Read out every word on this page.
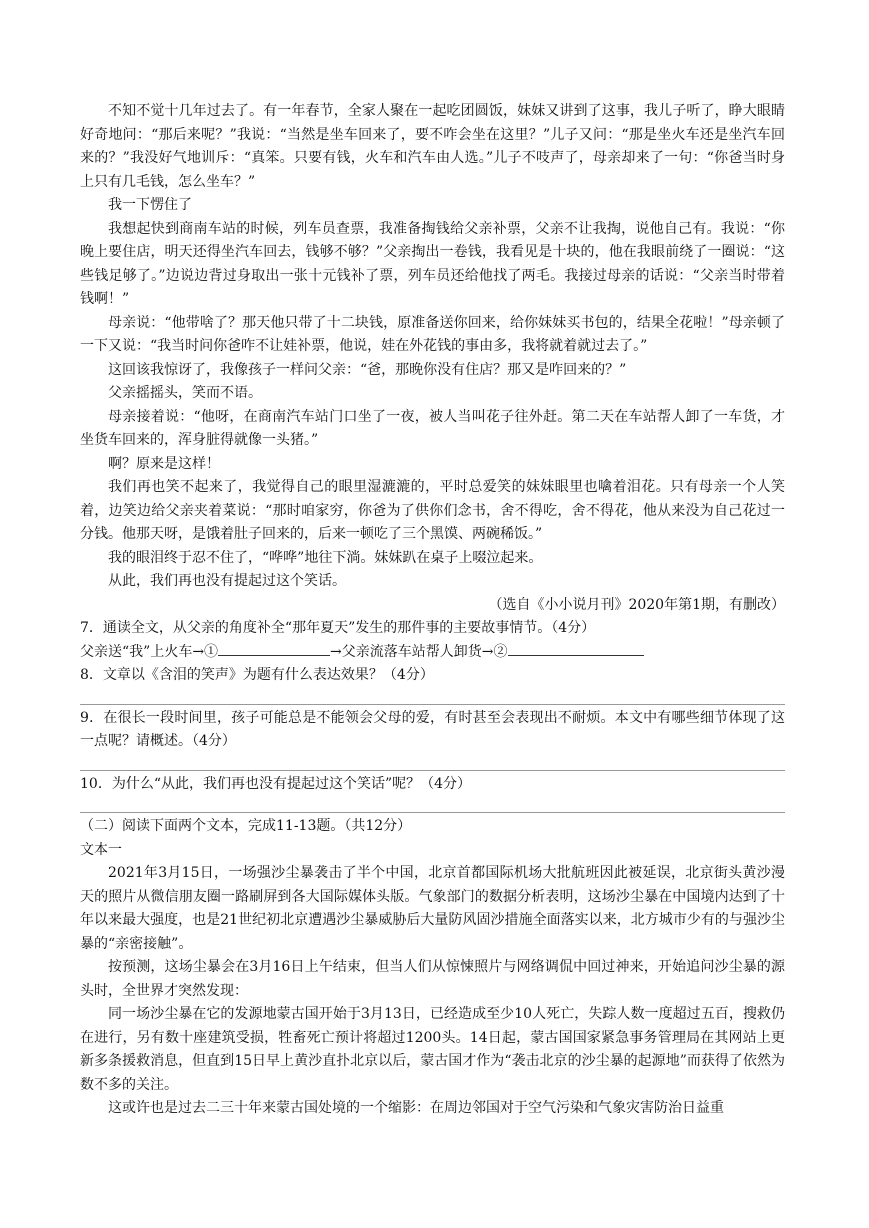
不知不觉十几年过去了。有一年春节，全家人聚在一起吃团圆饭，妹妹又讲到了这事，我儿子听了，睁大眼睛好奇地问：“那后来呢？”我说：“当然是坐车回来了，要不咋会坐在这里？”儿子又问：“那是坐火车还是坐汽车回来的？”我没好气地训斥：“真笨。只要有钱，火车和汽车由人选。”儿子不吱声了，母亲却来了一句：“你爸当时身上只有几毛钱，怎么坐车？”

我一下愣住了

我想起快到商南车站的时候，列车员查票，我准备掏钱给父亲补票，父亲不让我掏，说他自己有。我说：“你晚上要住店，明天还得坐汽车回去，钱够不够？”父亲掏出一卷钱，我看见是十块的，他在我眼前绕了一圈说：“这些钱足够了。”边说边背过身取出一张十元钱补了票，列车员还给他找了两毛。我接过母亲的话说：“父亲当时带着钱啊！”

母亲说：“他带啥了？那天他只带了十二块钱，原准备送你回来，给你妹妹买书包的，结果全花啦！”母亲顿了一下又说：“我当时问你爸咋不让娃补票，他说，娃在外花钱的事由多，我将就着就过去了。”

这回该我惊讶了，我像孩子一样问父亲：“爸，那晚你没有住店？那又是咋回来的？”

父亲摇摇头，笑而不语。

母亲接着说：“他呀，在商南汽车站门口坐了一夜，被人当叫花子往外赶。第二天在车站帮人卸了一车货，才坐货车回来的，浑身脏得就像一头猪。”

啊？原来是这样！

我们再也笑不起来了，我觉得自己的眼里湿漉漉的，平时总爱笑的妹妹眼里也噙着泪花。只有母亲一个人笑着，边笑边给父亲夹着菜说：“那时咱家穷，你爸为了供你们念书，舍不得吃，舍不得花，他从来没为自己花过一分钱。他那天呀，是饿着肚子回来的，后来一顿吃了三个黑馍、两碗稀饭。”

我的眼泪终于忍不住了，“哗哗”地往下淌。妹妹趴在桌子上啜泣起来。

从此，我们再也没有提起过这个笑话。

（选自《小小说月刊》2020年第1期，有删改）

7．通读全文，从父亲的角度补全“那年夏天”发生的那件事的主要故事情节。（4分）

父亲送“我”上火车→①	→父亲流落车站帮人卸货→②

8．文章以《含泪的笑声》为题有什么表达效果？（4分）

9．在很长一段时间里，孩子可能总是不能领会父母的爱，有时甚至会表现出不耐烦。本文中有哪些细节体现了这一点呢？请概述。（4分）

10．为什么“从此，我们再也没有提起过这个笑话”呢？（4分）

（二）阅读下面两个文本，完成11-13题。（共12分）

文本一

2021年3月15日，一场强沙尘暴袭击了半个中国，北京首都国际机场大批航班因此被延误，北京街头黄沙漫天的照片从微信朋友圈一路刷屏到各大国际媒体头版。气象部门的数据分析表明，这场沙尘暴在中国境内达到了十年以来最大强度，也是21世纪初北京遭遇沙尘暴威胁后大量防风固沙措施全面落实以来，北方城市少有的与强沙尘暴的“亲密接触”。

按预测，这场尘暴会在3月16日上午结束，但当人们从惊悚照片与网络调侃中回过神来，开始追问沙尘暴的源头时，全世界才突然发现：

同一场沙尘暴在它的发源地蒙古国开始于3月13日，已经造成至少10人死亡，失踪人数一度超过五百，搜救仍在进行，另有数十座建筑受损，牲畜死亡预计将超过1200头。14日起，蒙古国国家紧急事务管理局在其网站上更新多条援救消息，但直到15日早上黄沙直扑北京以后，蒙古国才作为“袭击北京的沙尘暴的起源地”而获得了依然为数不多的关注。

这或许也是过去二三十年来蒙古国处境的一个缩影：在周边邻国对于空气污染和气象灾害防治日益重
